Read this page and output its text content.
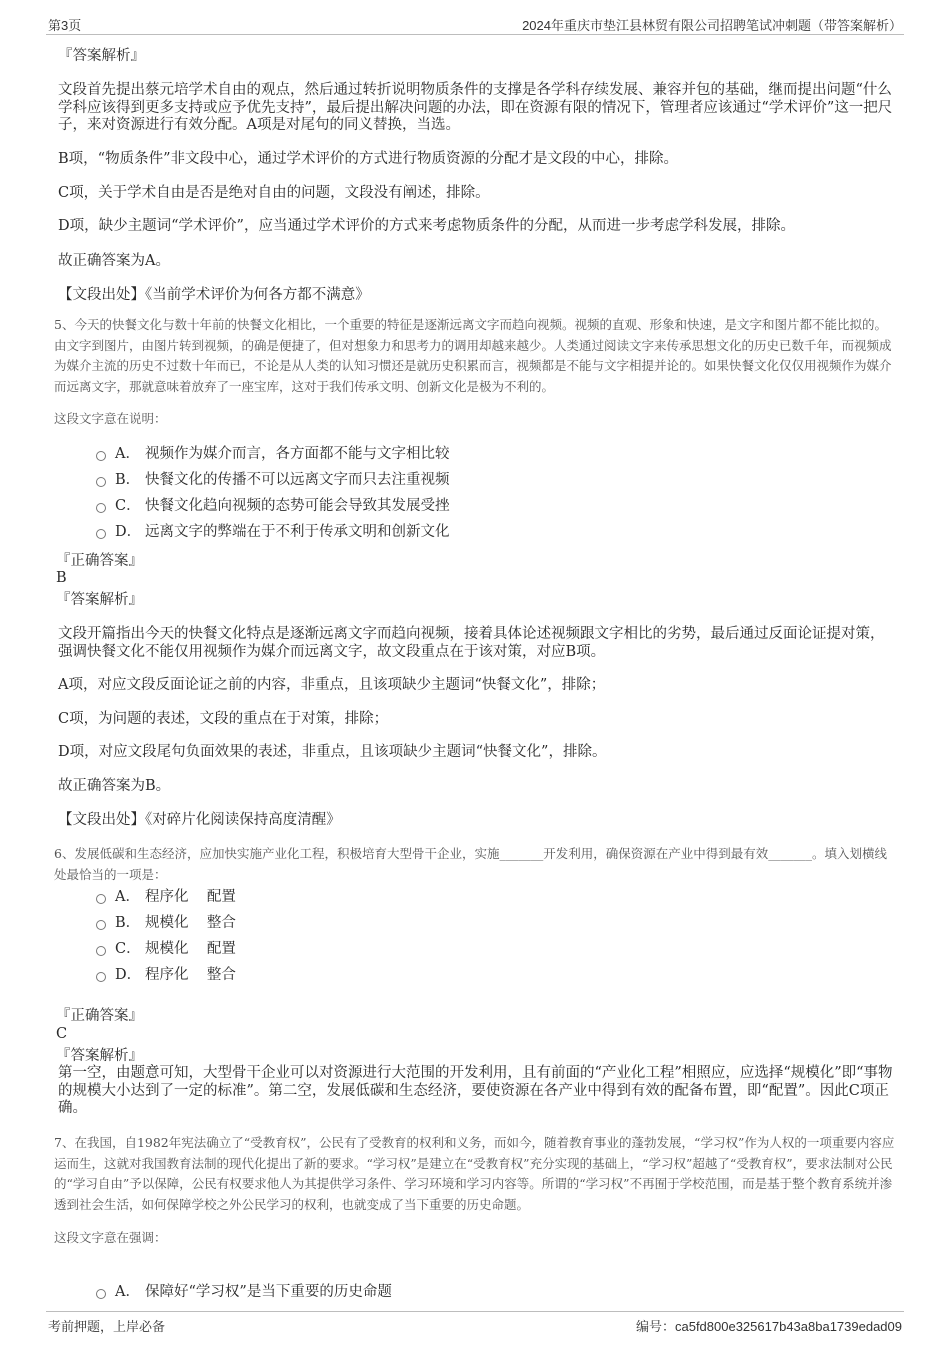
第3页	2024年重庆市垫江县林贸有限公司招聘笔试冲刺题（带答案解析）

『答案解析』

文段首先提出蔡元培学术自由的观点，然后通过转折说明物质条件的支撑是各学科存续发展、兼容并包的基础，继而提出问题“什么学科应该得到更多支持或应予优先支持”，最后提出解决问题的办法，即在资源有限的情况下，管理者应该通过“学术评价”这一把尺子，来对资源进行有效分配。A项是对尾句的同义替换，当选。

B项，“物质条件”非文段中心，通过学术评价的方式进行物质资源的分配才是文段的中心，排除。

C项，关于学术自由是否是绝对自由的问题，文段没有阐述，排除。

D项，缺少主题词“学术评价”，应当通过学术评价的方式来考虑物质条件的分配，从而进一步考虑学科发展，排除。

故正确答案为A。

【文段出处】《当前学术评价为何各方都不满意》

5、今天的快餐文化与数十年前的快餐文化相比，一个重要的特征是逐渐远离文字而趋向视频。视频的直观、形象和快速，是文字和图片都不能比拟的。由文字到图片，由图片转到视频，的确是便捷了，但对想象力和思考力的调用却越来越少。人类通过阅读文字来传承思想文化的历史已数千年，而视频成为媒介主流的历史不过数十年而已，不论是从人类的认知习惯还是就历史积累而言，视频都是不能与文字相提并论的。如果快餐文化仅仅用视频作为媒介而远离文字，那就意味着放弃了一座宝库，这对于我们传承文明、创新文化是极为不利的。

这段文字意在说明：

A． 视频作为媒介而言，各方面都不能与文字相比较
B． 快餐文化的传播不可以远离文字而只去注重视频
C． 快餐文化趋向视频的态势可能会导致其发展受挫
D． 远离文字的弊端在于不利于传承文明和创新文化

『正确答案』

B

『答案解析』

文段开篇指出今天的快餐文化特点是逐渐远离文字而趋向视频，接着具体论述视频跟文字相比的劣势，最后通过反面论证提对策，强调快餐文化不能仅用视频作为媒介而远离文字，故文段重点在于该对策，对应B项。

A项，对应文段反面论证之前的内容，非重点，且该项缺少主题词“快餐文化”，排除；

C项，为问题的表述，文段的重点在于对策，排除；

D项，对应文段尾句负面效果的表述，非重点，且该项缺少主题词“快餐文化”，排除。

故正确答案为B。

【文段出处】《对碎片化阅读保持高度清醒》

6、发展低碳和生态经济，应加快实施产业化工程，积极培育大型骨干企业，实施_______开发利用，确保资源在产业中得到最有效_______。填入划横线处最恰当的一项是：

A． 程序化    配置
B． 规模化    整合
C． 规模化    配置
D． 程序化    整合

『正确答案』

C

『答案解析』

第一空，由题意可知，大型骨干企业可以对资源进行大范围的开发利用，且有前面的“产业化工程”相照应，应选择“规模化”即“事物的规模大小达到了一定的标准”。第二空，发展低碳和生态经济，要使资源在各产业中得到有效的配备布置，即“配置”。因此C项正确。

7、在我国，自1982年宪法确立了“受教育权”，公民有了受教育的权利和义务，而如今，随着教育事业的蓬勃发展，“学习权”作为人权的一项重要内容应运而生，这就对我国教育法制的现代化提出了新的要求。“学习权”是建立在“受教育权”充分实现的基础上，“学习权”超越了“受教育权”，要求法制对公民的“学习自由”予以保障，公民有权要求他人为其提供学习条件、学习环境和学习内容等。所谓的“学习权”不再囿于学校范围，而是基于整个教育系统并渗透到社会生活，如何保障学校之外公民学习的权利，也就变成了当下重要的历史命题。

这段文字意在强调：

A． 保障好“学习权”是当下重要的历史命题
考前押题，上岸必备	编号：ca5fd800e325617b43a8ba1739edad09
